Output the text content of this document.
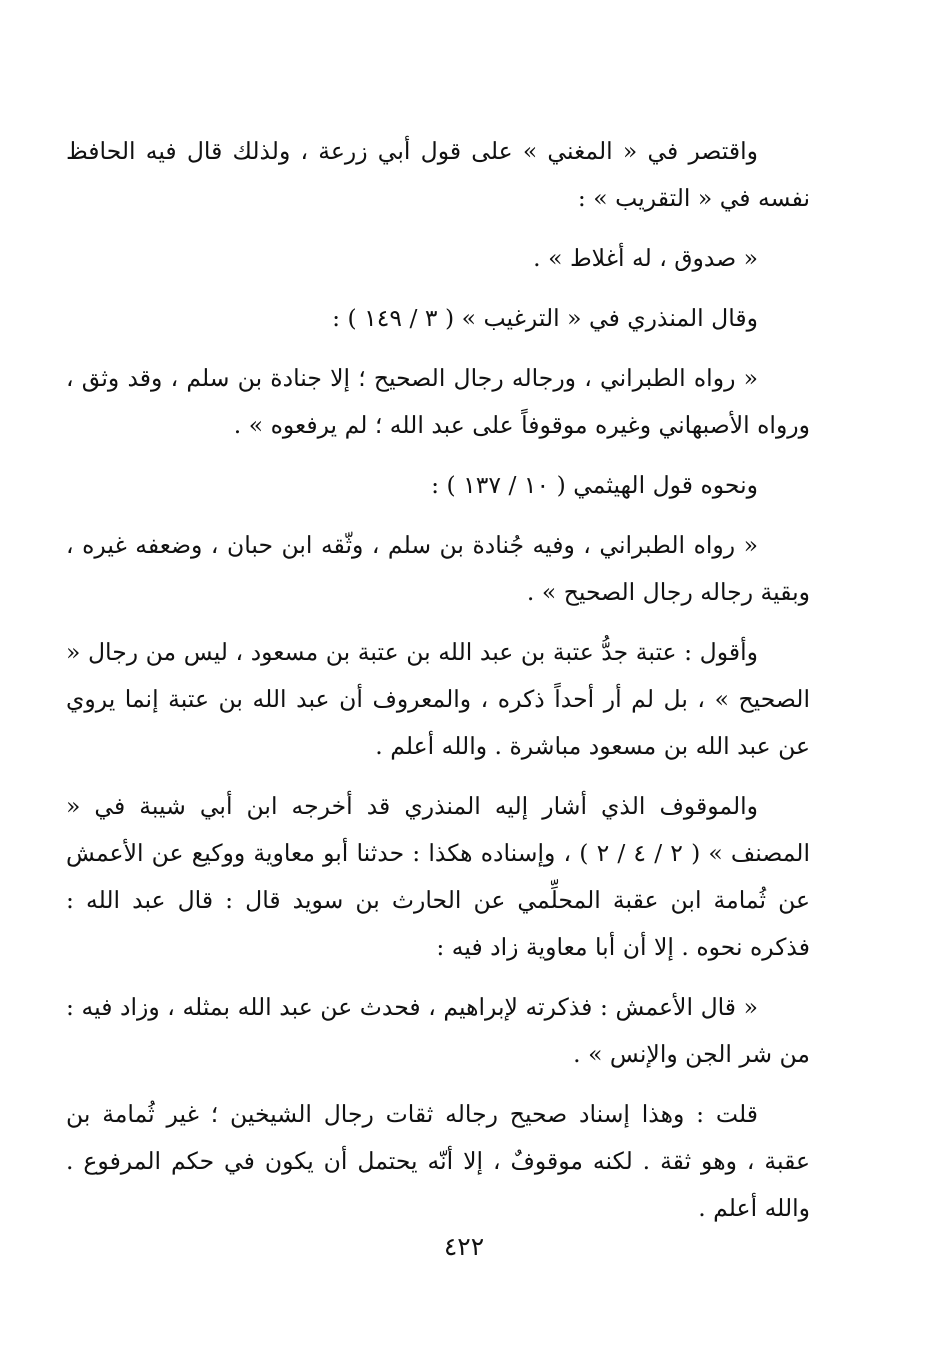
واقتصر في « المغني » على قول أبي زرعة ، ولذلك قال فيه الحافظ نفسه في « التقريب » :

« صدوق ، له أغلاط » .

وقال المنذري في « الترغيب » ( ٣ / ١٤٩ ) :

« رواه الطبراني ، ورجاله رجال الصحيح ؛ إلا جنادة بن سلم ، وقد وثق ، ورواه الأصبهاني وغيره موقوفاً على عبد الله ؛ لم يرفعوه » .

ونحوه قول الهيثمي ( ١٠ / ١٣٧ ) :

« رواه الطبراني ، وفيه جُنادة بن سلم ، وثّقه ابن حبان ، وضعفه غيره ، وبقية رجاله رجال الصحيح » .

وأقول : عتبة جدُّ عتبة بن عبد الله بن عتبة بن مسعود ، ليس من رجال « الصحيح » ، بل لم أر أحداً ذكره ، والمعروف أن عبد الله بن عتبة إنما يروي عن عبد الله بن مسعود مباشرة . والله أعلم .

والموقوف الذي أشار إليه المنذري قد أخرجه ابن أبي شيبة في « المصنف » ( ٢ / ٤ / ٢ ) ، وإسناده هكذا : حدثنا أبو معاوية ووكيع عن الأعمش عن ثُمامة ابن عقبة المحلِّمي عن الحارث بن سويد قال : قال عبد الله : فذكره نحوه . إلا أن أبا معاوية زاد فيه :

« قال الأعمش : فذكرته لإبراهيم ، فحدث عن عبد الله بمثله ، وزاد فيه : من شر الجن والإنس » .

قلت : وهذا إسناد صحيح رجاله ثقات رجال الشيخين ؛ غير ثُمامة بن عقبة ، وهو ثقة . لكنه موقوفٌ ، إلا أنّه يحتمل أن يكون في حكم المرفوع . والله أعلم .

٤٢٢
